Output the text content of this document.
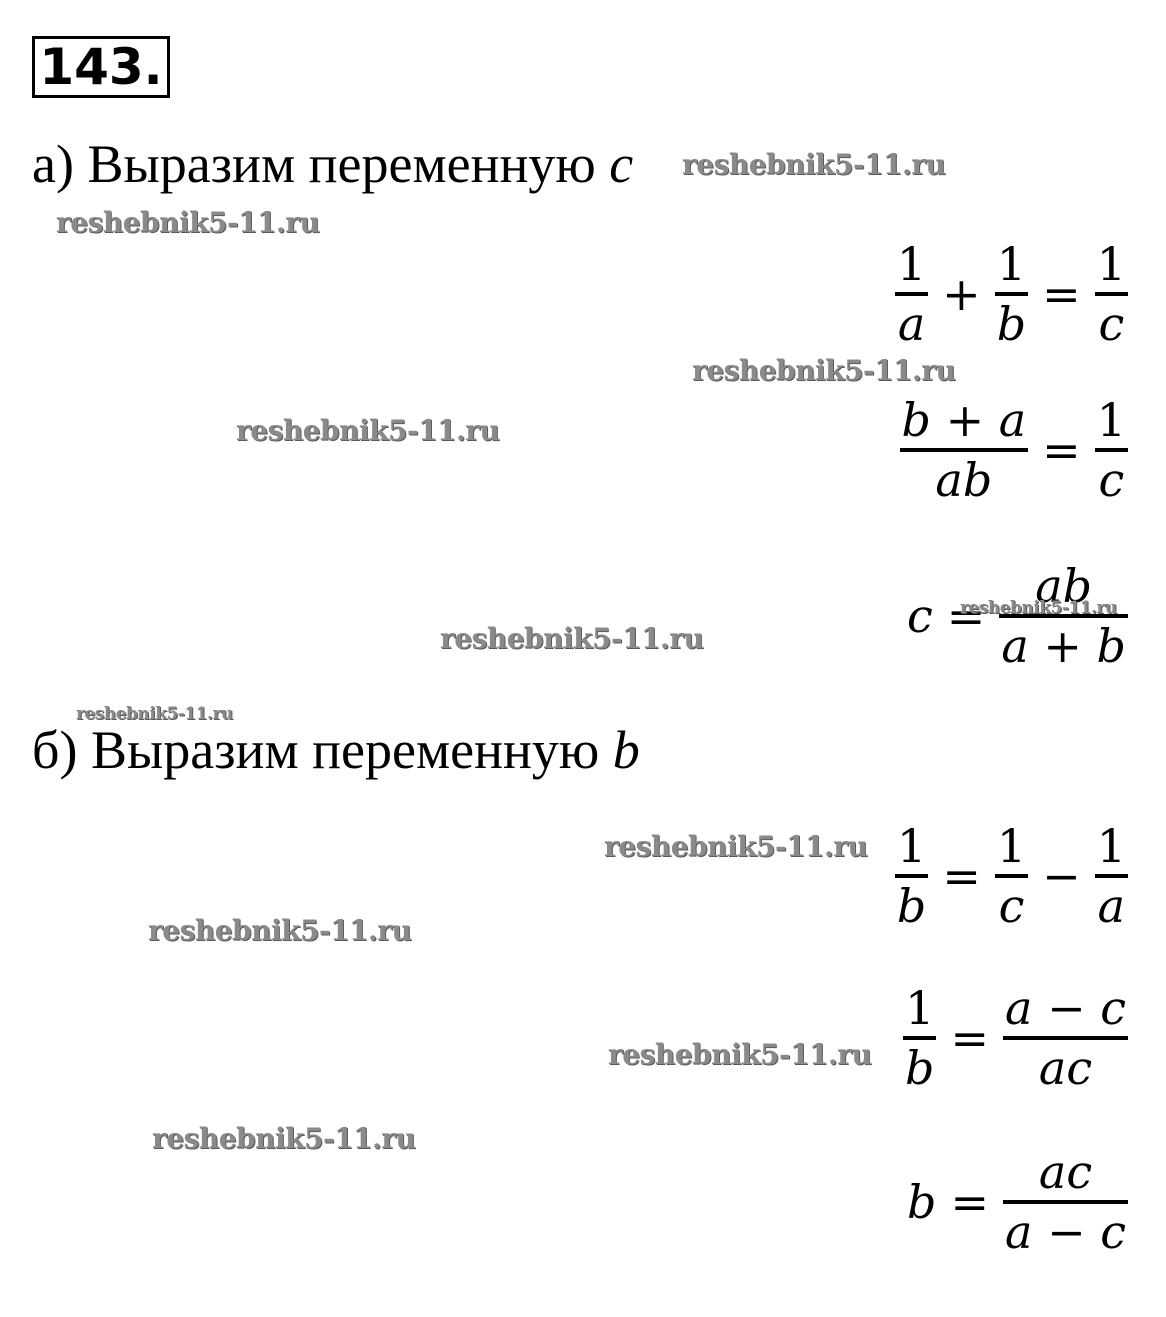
143.
а) Выразим переменную c
$\frac{1}{a} + \frac{1}{b} = \frac{1}{c}$
$\frac{b + a}{ab} = \frac{1}{c}$
$c = \frac{ab}{a + b}$
б) Выразим переменную b
$\frac{1}{b} = \frac{1}{c} - \frac{1}{a}$
$\frac{1}{b} = \frac{a - c}{ac}$
$b = \frac{ac}{a - c}$
reshebnik5-11.ru
reshebnik5-11.ru
reshebnik5-11.ru
reshebnik5-11.ru
reshebnik5-11.ru
reshebnik5-11.ru
reshebnik5-11.ru
reshebnik5-11.ru
reshebnik5-11.ru
reshebnik5-11.ru
reshebnik5-11.ru
